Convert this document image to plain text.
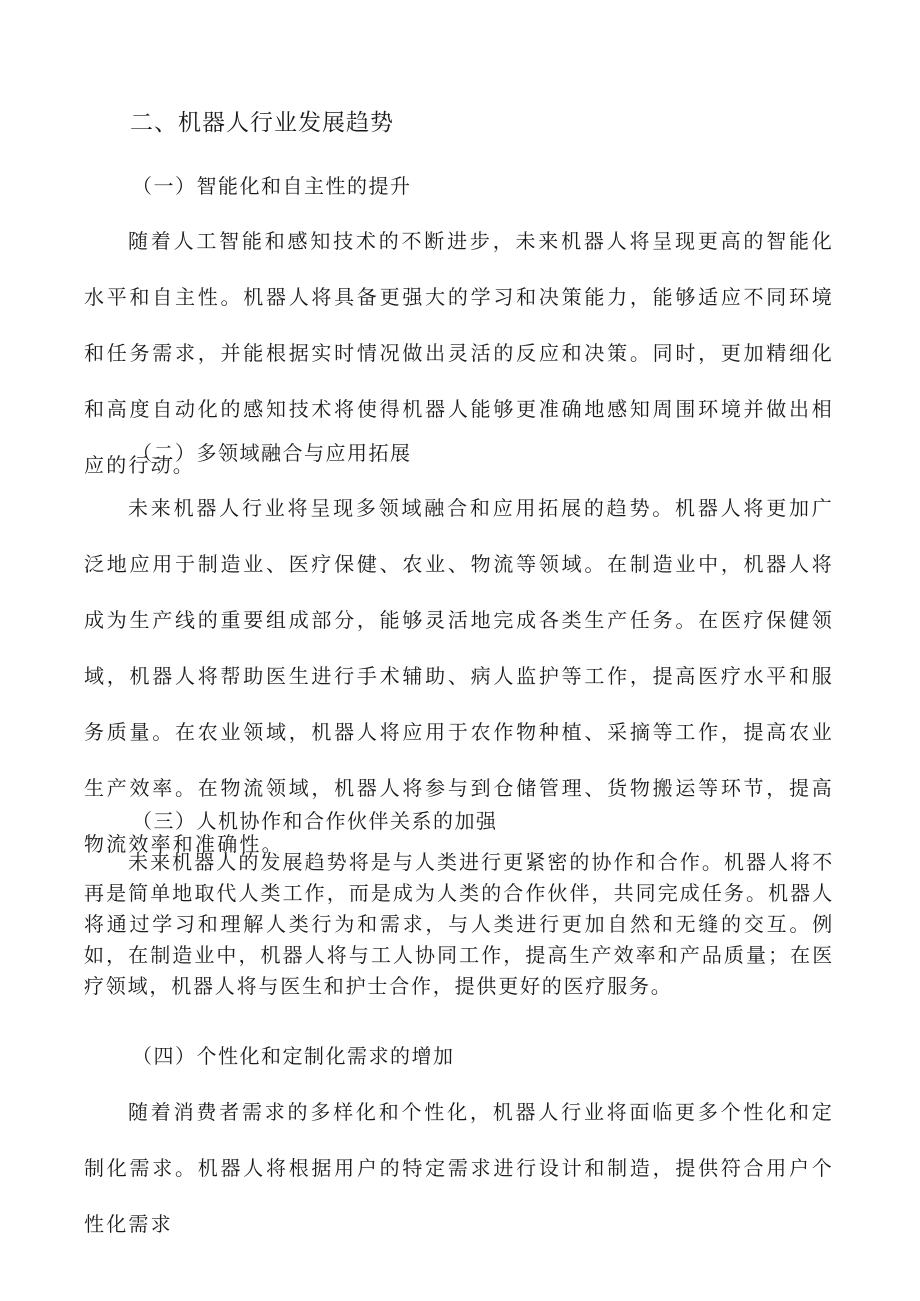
二、机器人行业发展趋势
（一）智能化和自主性的提升

随着人工智能和感知技术的不断进步，未来机器人将呈现更高的智能化水平和自主性。机器人将具备更强大的学习和决策能力，能够适应不同环境和任务需求，并能根据实时情况做出灵活的反应和决策。同时，更加精细化和高度自动化的感知技术将使得机器人能够更准确地感知周围环境并做出相应的行动。

（二）多领域融合与应用拓展

未来机器人行业将呈现多领域融合和应用拓展的趋势。机器人将更加广泛地应用于制造业、医疗保健、农业、物流等领域。在制造业中，机器人将成为生产线的重要组成部分，能够灵活地完成各类生产任务。在医疗保健领域，机器人将帮助医生进行手术辅助、病人监护等工作，提高医疗水平和服务质量。在农业领域，机器人将应用于农作物种植、采摘等工作，提高农业生产效率。在物流领域，机器人将参与到仓储管理、货物搬运等环节，提高物流效率和准确性。

（三）人机协作和合作伙伴关系的加强

未来机器人的发展趋势将是与人类进行更紧密的协作和合作。机器人将不再是简单地取代人类工作，而是成为人类的合作伙伴，共同完成任务。机器人将通过学习和理解人类行为和需求，与人类进行更加自然和无缝的交互。例如，在制造业中，机器人将与工人协同工作，提高生产效率和产品质量；在医疗领域，机器人将与医生和护士合作，提供更好的医疗服务。

（四）个性化和定制化需求的增加

随着消费者需求的多样化和个性化，机器人行业将面临更多个性化和定制化需求。机器人将根据用户的特定需求进行设计和制造，提供符合用户个性化需求
